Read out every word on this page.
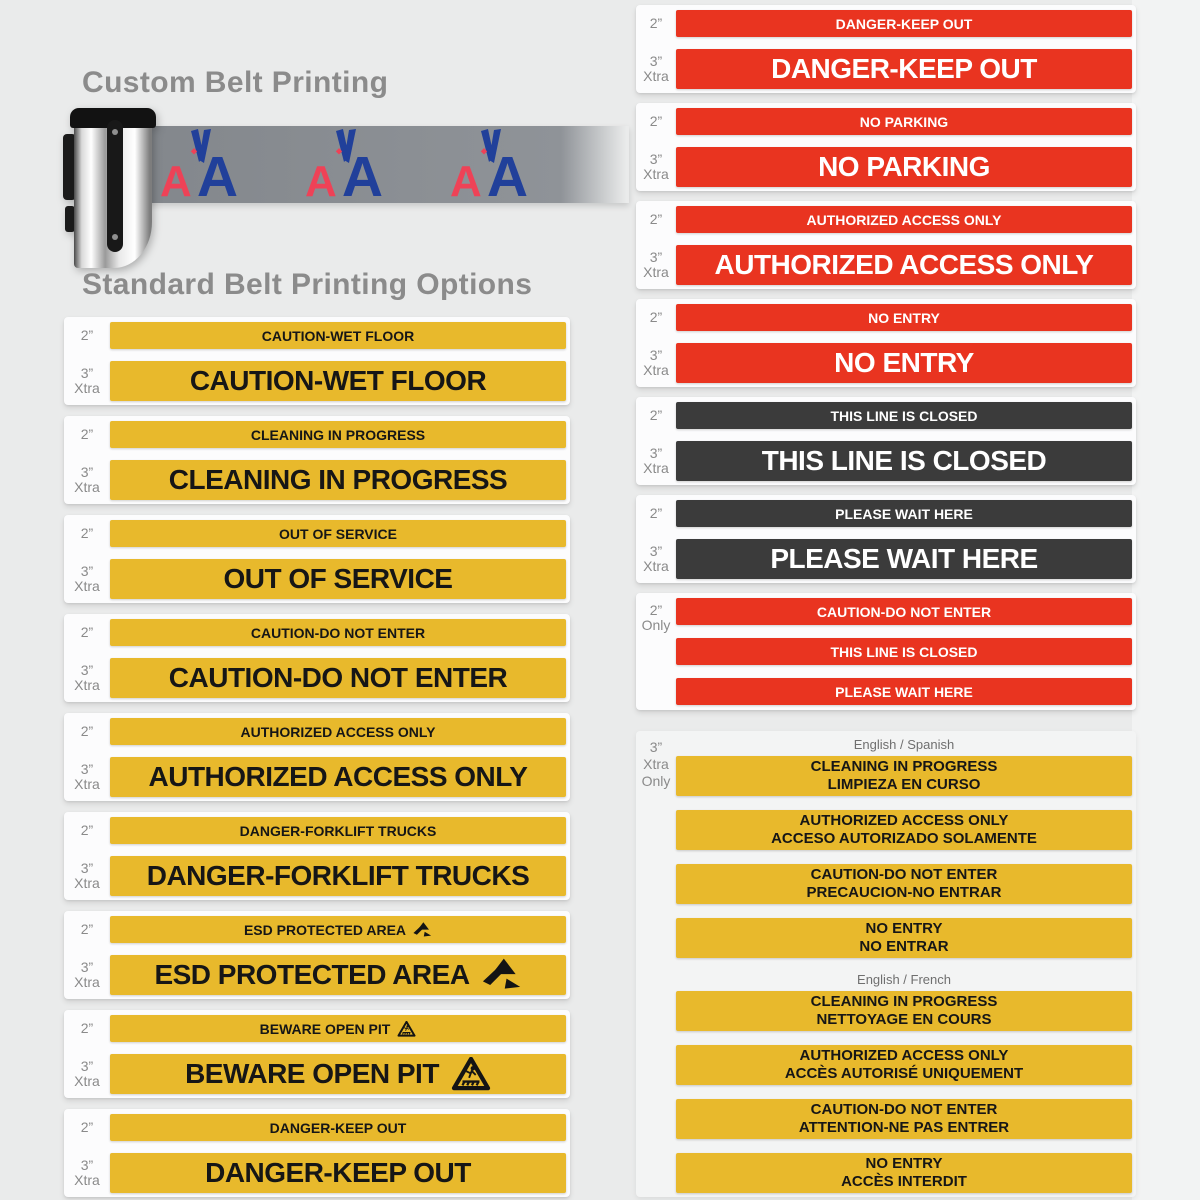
Custom Belt Printing
A A A A A A
Standard Belt Printing Options
2”	CAUTION-WET FLOOR
3”
Xtra	CAUTION-WET FLOOR
2”	CLEANING IN PROGRESS
3”
Xtra CLEANING IN PROGRESS
2”	OUT OF SERVICE
3”
Xtra	OUT OF SERVICE
2”	CAUTION-DO NOT ENTER
3”
Xtra CAUTION-DO NOT ENTER
2”	AUTHORIZED ACCESS ONLY
3”
Xtra AUTHORIZED ACCESS ONLY
2”	DANGER-FORKLIFT TRUCKS
3”
Xtra DANGER-FORKLIFT TRUCKS
2”	ESD PROTECTED AREA
3”
Xtra ESD PROTECTED AREA
2”	BEWARE OPEN PIT
3”
Xtra	BEWARE OPEN PIT
2”	DANGER-KEEP OUT
3”
Xtra	DANGER-KEEP OUT
2”	DANGER-KEEP OUT
3”
Xtra	DANGER-KEEP OUT
2”	NO PARKING
3”
Xtra	NO PARKING
2”	AUTHORIZED ACCESS ONLY
3”
Xtra AUTHORIZED ACCESS ONLY
2”	NO ENTRY
3”
Xtra	NO ENTRY
2”	THIS LINE IS CLOSED
3”
Xtra	THIS LINE IS CLOSED
2”	PLEASE WAIT HERE
3”
Xtra	PLEASE WAIT HERE
2”
Only
CAUTION-DO NOT ENTER
THIS LINE IS CLOSED
PLEASE WAIT HERE
3”
Xtra
Only
English / Spanish
CLEANING IN PROGRESS
LIMPIEZA EN CURSO
AUTHORIZED ACCESS ONLY
ACCESO AUTORIZADO SOLAMENTE
CAUTION-DO NOT ENTER
PRECAUCION-NO ENTRAR
NO ENTRY
NO ENTRAR
English / French
CLEANING IN PROGRESS
NETTOYAGE EN COURS
AUTHORIZED ACCESS ONLY
ACCÈS AUTORISÉ UNIQUEMENT
CAUTION-DO NOT ENTER
ATTENTION-NE PAS ENTRER
NO ENTRY
ACCÈS INTERDIT
